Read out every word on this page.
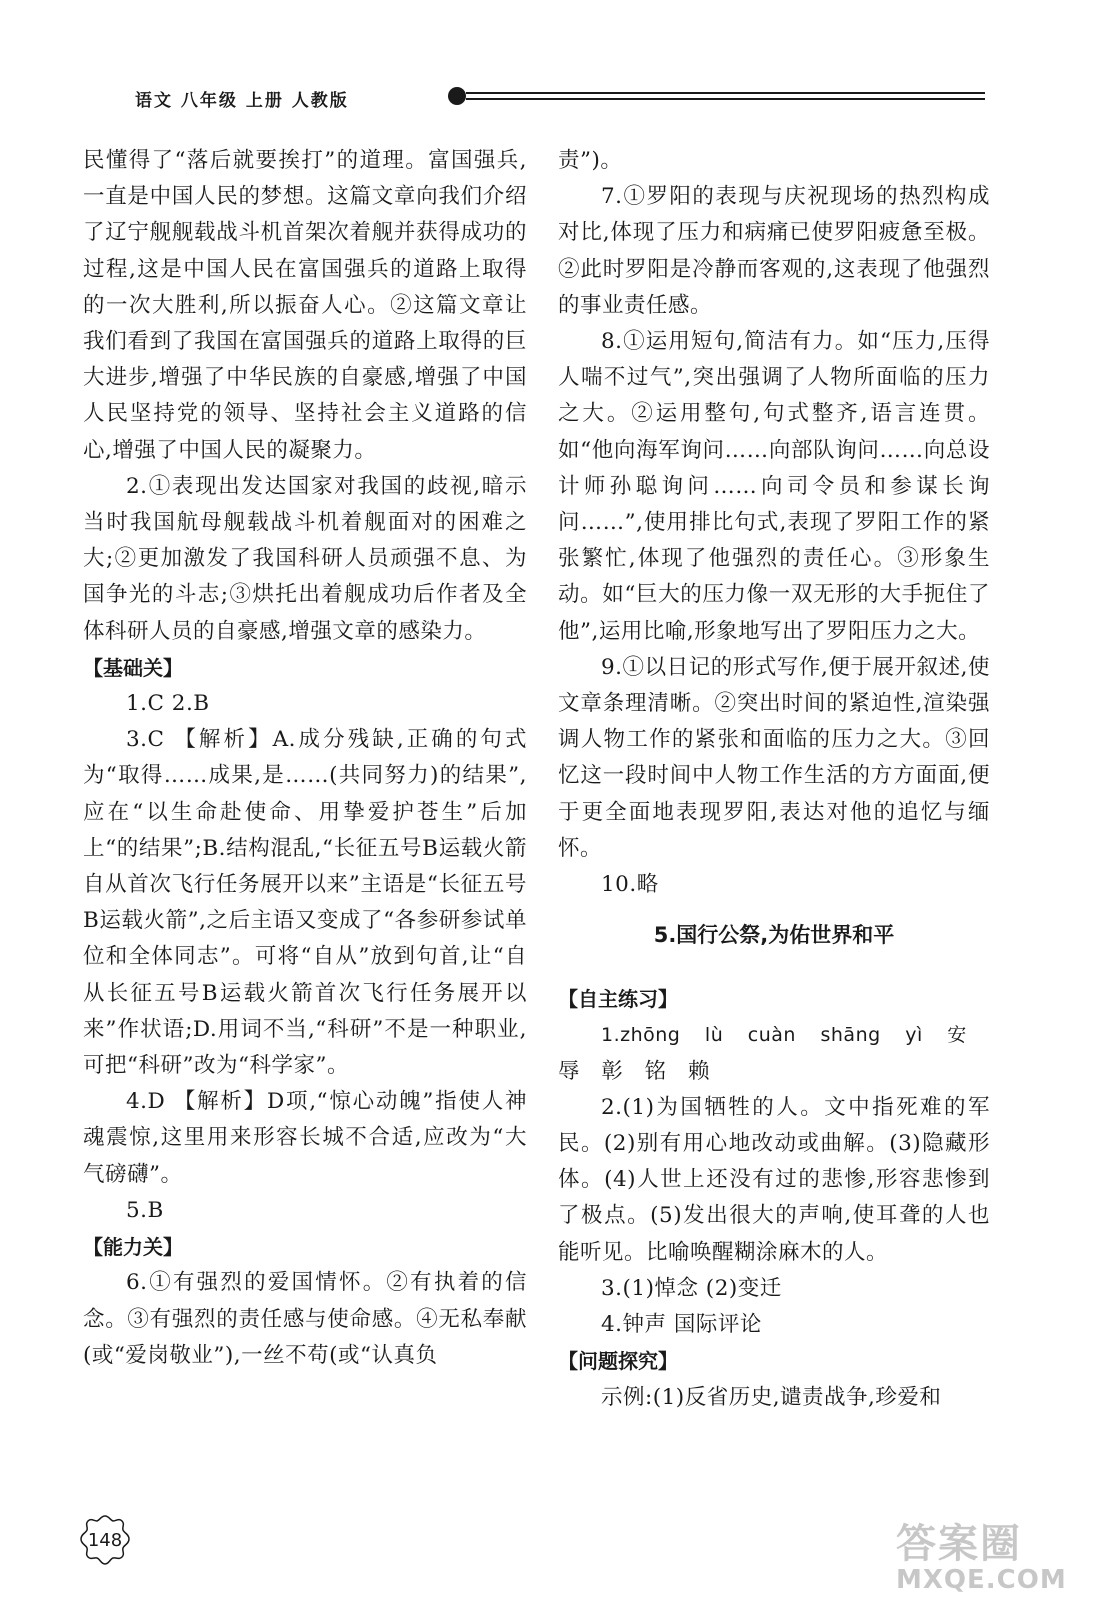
语文 八年级 上册 人教版

民懂得了“落后就要挨打”的道理。富国强兵,一直是中国人民的梦想。这篇文章向我们介绍了辽宁舰舰载战斗机首架次着舰并获得成功的过程,这是中国人民在富国强兵的道路上取得的一次大胜利,所以振奋人心。②这篇文章让我们看到了我国在富国强兵的道路上取得的巨大进步,增强了中华民族的自豪感,增强了中国人民坚持党的领导、坚持社会主义道路的信心,增强了中国人民的凝聚力。

2.①表现出发达国家对我国的歧视,暗示当时我国航母舰载战斗机着舰面对的困难之大;②更加激发了我国科研人员顽强不息、为国争光的斗志;③烘托出着舰成功后作者及全体科研人员的自豪感,增强文章的感染力。

【基础关】

1.C 2.B

3.C 【解析】A.成分残缺,正确的句式为“取得……成果,是……(共同努力)的结果”,应在“以生命赴使命、用挚爱护苍生”后加上“的结果”;B.结构混乱,“长征五号B运载火箭自从首次飞行任务展开以来”主语是“长征五号B运载火箭”,之后主语又变成了“各参研参试单位和全体同志”。可将“自从”放到句首,让“自从长征五号B运载火箭首次飞行任务展开以来”作状语;D.用词不当,“科研”不是一种职业,可把“科研”改为“科学家”。

4.D 【解析】D项,“惊心动魄”指使人神魂震惊,这里用来形容长城不合适,应改为“大气磅礴”。

5.B

【能力关】

6.①有强烈的爱国情怀。②有执着的信念。③有强烈的责任感与使命感。④无私奉献(或“爱岗敬业”),一丝不苟(或“认真负

责”)。

7.①罗阳的表现与庆祝现场的热烈构成对比,体现了压力和病痛已使罗阳疲惫至极。②此时罗阳是冷静而客观的,这表现了他强烈的事业责任感。

8.①运用短句,简洁有力。如“压力,压得人喘不过气”,突出强调了人物所面临的压力之大。②运用整句,句式整齐,语言连贯。如“他向海军询问……向部队询问……向总设计师孙聪询问……向司令员和参谋长询问……”,使用排比句式,表现了罗阳工作的紧张繁忙,体现了他强烈的责任心。③形象生动。如“巨大的压力像一双无形的大手扼住了他”,运用比喻,形象地写出了罗阳压力之大。

9.①以日记的形式写作,便于展开叙述,使文章条理清晰。②突出时间的紧迫性,渲染强调人物工作的紧张和面临的压力之大。③回忆这一段时间中人物工作生活的方方面面,便于更全面地表现罗阳,表达对他的追忆与缅怀。

10.略

5.国行公祭,为佑世界和平

【自主练习】

1.zhōng lù cuàn shāng yì 安

辱 彰 铭 赖

2.(1)为国牺牲的人。文中指死难的军民。(2)别有用心地改动或曲解。(3)隐藏形体。(4)人世上还没有过的悲惨,形容悲惨到了极点。(5)发出很大的声响,使耳聋的人也能听见。比喻唤醒糊涂麻木的人。

3.(1)悼念 (2)变迁

4.钟声 国际评论

【问题探究】

示例:(1)反省历史,谴责战争,珍爱和

148	答案圈
MXQE.COM
